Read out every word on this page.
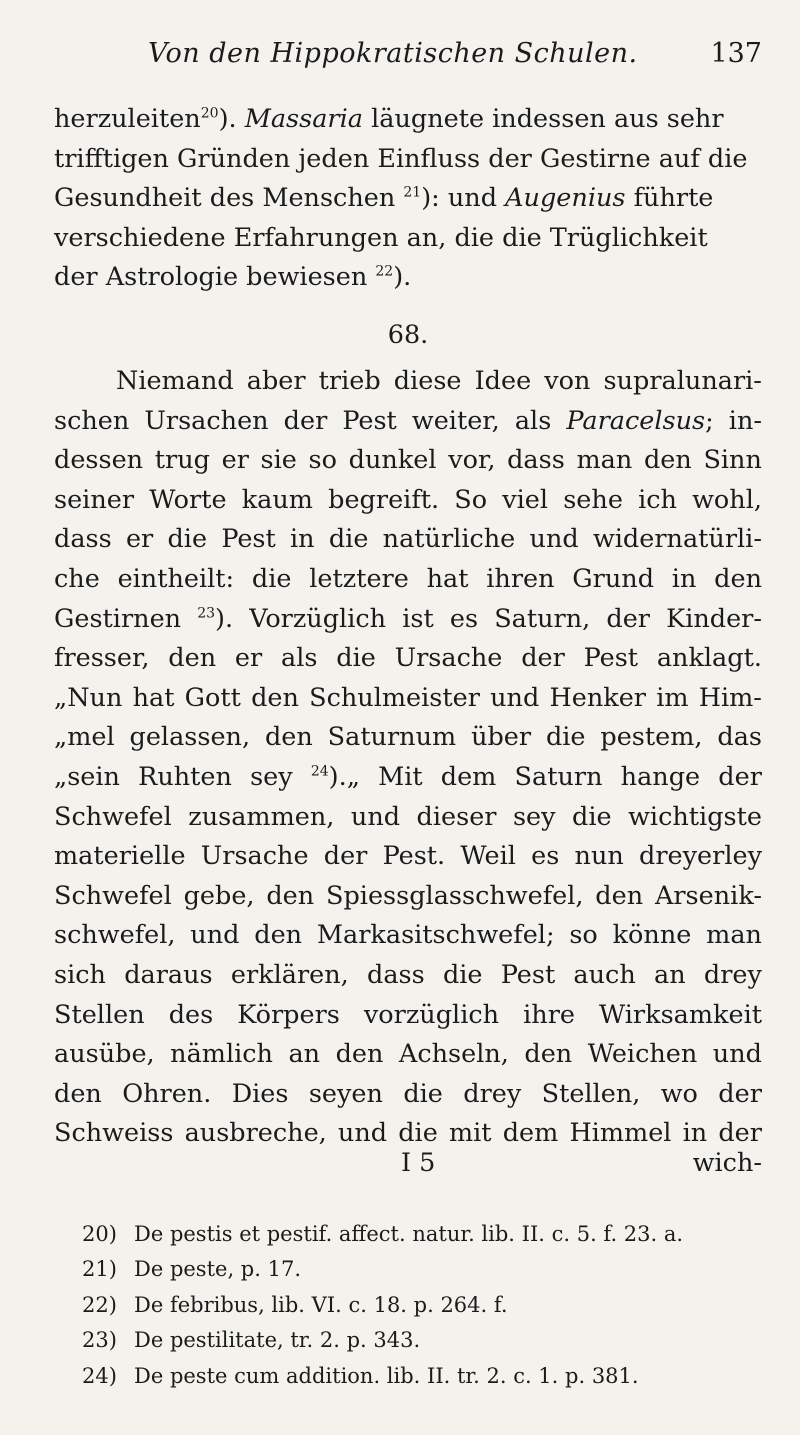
Von den Hippokratischen Schulen.	137
herzuleiten$^{20}$). Massaria läugnete indessen aus sehr
trifftigen Gründen jeden Einfluss der Gestirne auf die
Gesundheit des Menschen $^{21}$): und Augenius führte
verschiedene Erfahrungen an, die die Trüglichkeit
der Astrologie bewiesen $^{22}$).
68.
Niemand aber trieb diese Idee von supralunari-
schen Ursachen der Pest weiter, als Paracelsus; in-
dessen trug er sie so dunkel vor, dass man den Sinn
seiner Worte kaum begreift. So viel sehe ich wohl,
dass er die Pest in die natürliche und widernatürli-
che eintheilt: die letztere hat ihren Grund in den
Gestirnen $^{23}$). Vorzüglich ist es Saturn, der Kinder-
fresser, den er als die Ursache der Pest anklagt.
„Nun hat Gott den Schulmeister und Henker im Him-
„mel gelassen, den Saturnum über die pestem, das
„sein Ruhten sey $^{24}$).„ Mit dem Saturn hange der
Schwefel zusammen, und dieser sey die wichtigste
materielle Ursache der Pest. Weil es nun dreyerley
Schwefel gebe, den Spiessglasschwefel, den Arsenik-
schwefel, und den Markasitschwefel; so könne man
sich daraus erklären, dass die Pest auch an drey
Stellen des Körpers vorzüglich ihre Wirksamkeit
ausübe, nämlich an den Achseln, den Weichen und
den Ohren. Dies seyen die drey Stellen, wo der
Schweiss ausbreche, und die mit dem Himmel in der
I 5	wich-
20) De pestis et pestif. affect. natur. lib. II. c. 5. f. 23. a.
21) De peste, p. 17.
22) De febribus, lib. VI. c. 18. p. 264. f.
23) De pestilitate, tr. 2. p. 343.
24) De peste cum addition. lib. II. tr. 2. c. 1. p. 381.
